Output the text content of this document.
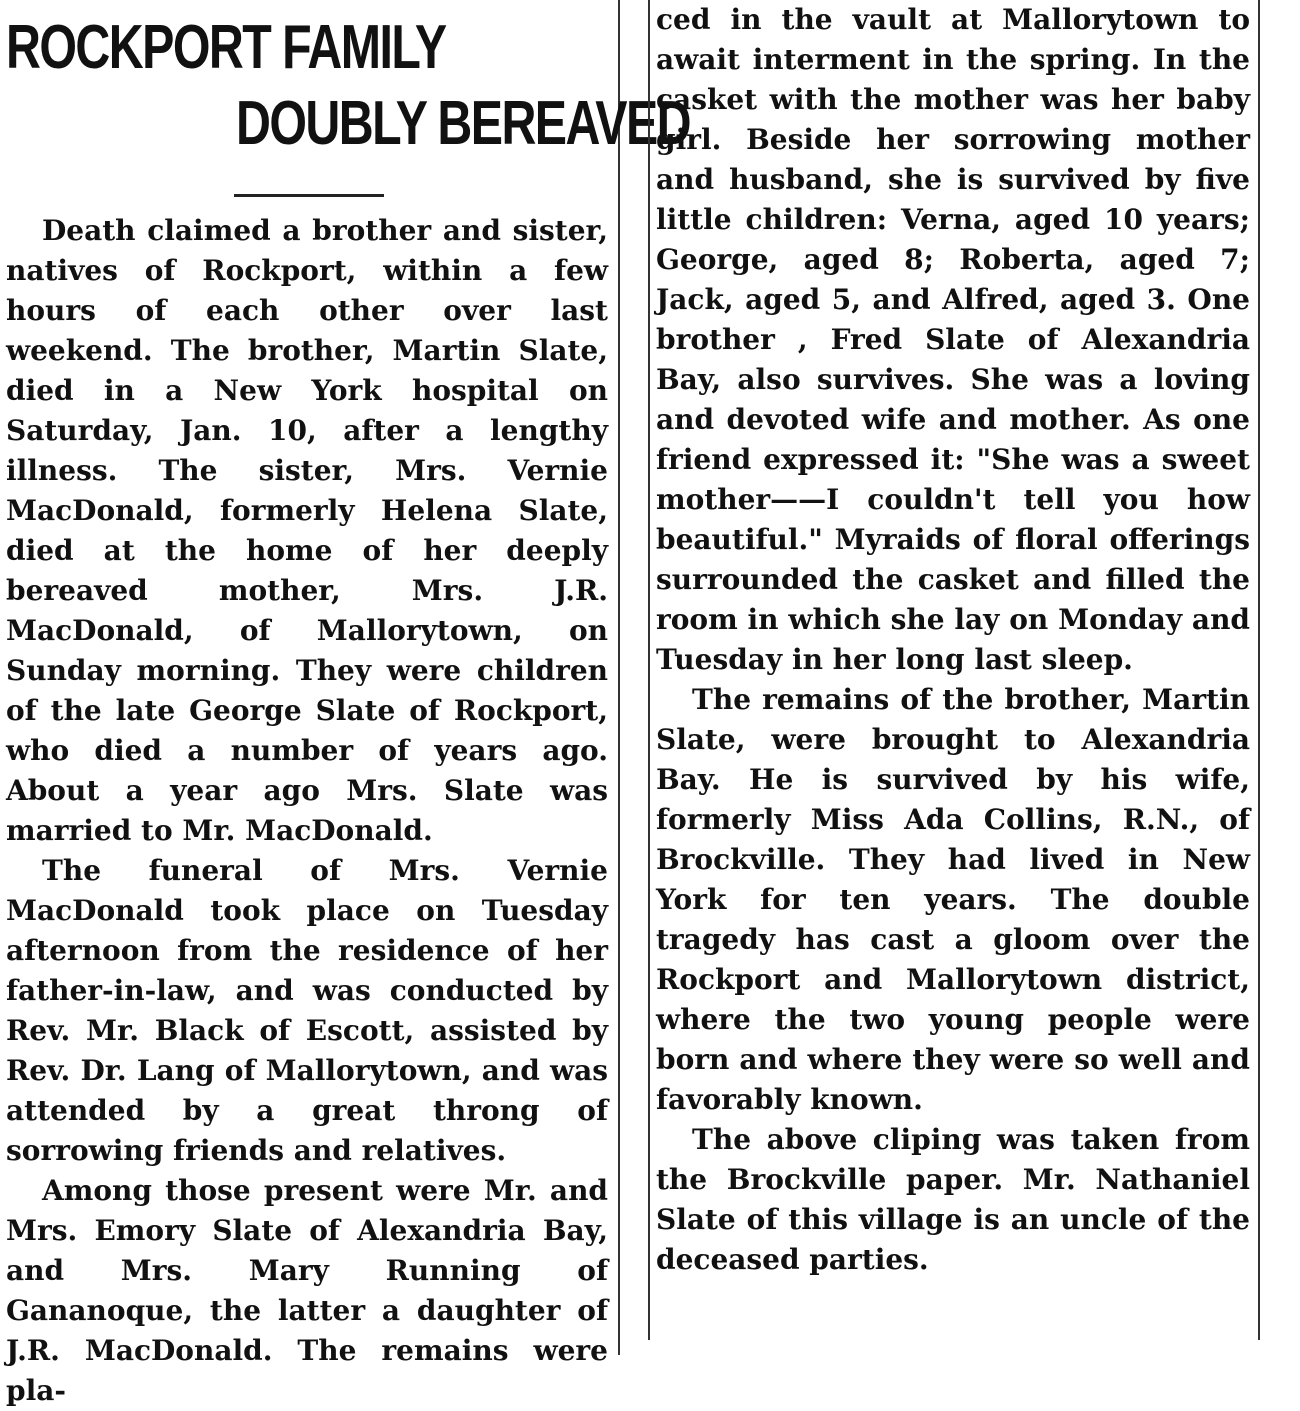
ROCKPORT FAMILY
DOUBLY BEREAVED

Death claimed a brother and sister, natives of Rockport, within a few hours of each other over last weekend. The brother, Martin Slate, died in a New York hospital on Saturday, Jan. 10, after a lengthy illness. The sister, Mrs. Vernie MacDonald, formerly Helena Slate, died at the home of her deeply bereaved mother, Mrs. J.R. MacDonald, of Mallorytown, on Sunday morning. They were children of the late George Slate of Rockport, who died a number of years ago. About a year ago Mrs. Slate was married to Mr. MacDonald.

The funeral of Mrs. Vernie MacDonald took place on Tuesday afternoon from the residence of her father-in-law, and was conducted by Rev. Mr. Black of Escott, assisted by Rev. Dr. Lang of Mallorytown, and was attended by a great throng of sorrowing friends and relatives.

Among those present were Mr. and Mrs. Emory Slate of Alexandria Bay, and Mrs. Mary Running of Gananoque, the latter a daughter of J.R. MacDonald. The remains were pla-

ced in the vault at Mallorytown to await interment in the spring. In the casket with the mother was her baby girl. Beside her sorrowing mother and husband, she is survived by five little children: Verna, aged 10 years; George, aged 8; Roberta, aged 7; Jack, aged 5, and Alfred, aged 3. One brother , Fred Slate of Alexandria Bay, also survives. She was a loving and devoted wife and mother. As one friend expressed it: "She was a sweet mother——I couldn't tell you how beautiful." Myraids of floral offerings surrounded the casket and filled the room in which she lay on Monday and Tuesday in her long last sleep.

The remains of the brother, Martin Slate, were brought to Alexandria Bay. He is survived by his wife, formerly Miss Ada Collins, R.N., of Brockville. They had lived in New York for ten years. The double tragedy has cast a gloom over the Rockport and Mallorytown district, where the two young people were born and where they were so well and favorably known.

The above cliping was taken from the Brockville paper. Mr. Nathaniel Slate of this village is an uncle of the deceased parties.
